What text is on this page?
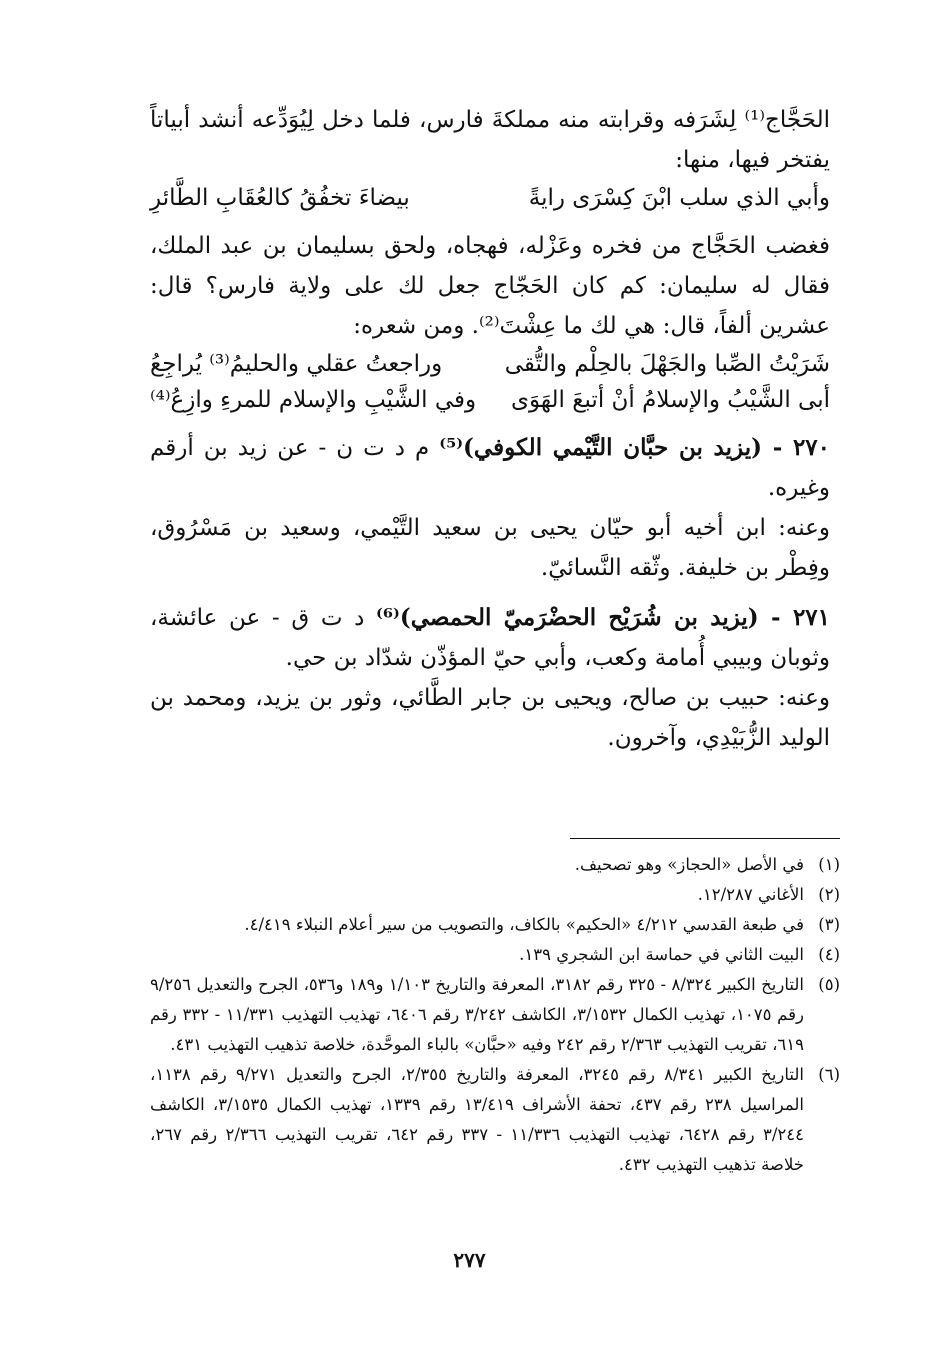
الحَجَّاج⁽¹⁾ لِشَرَفه وقرابته منه مملكةَ فارس، فلما دخل لِيُوَدِّعه أنشد أبياتاً يفتخر فيها، منها:

وأبي الذي سلب ابْنَ كِسْرَى رايةً
بيضاءَ تخفُقُ كالعُقَابِ الطَّائرِ

فغضب الحَجَّاج من فخره وعَزْله، فهجاه، ولحق بسليمان بن عبد الملك، فقال له سليمان: كم كان الحَجّاج جعل لك على ولاية فارس؟ قال: عشرين ألفاً، قال: هي لك ما عِشْتَ⁽²⁾. ومن شعره:

شَرَيْتُ الصِّبا والجَهْلَ بالحِلْم والتُّقى
وراجعتُ عقلي والحليمُ⁽³⁾ يُراجِعُ
أبى الشَّيْبُ والإسلامُ أنْ أتبعَ الهَوَى
وفي الشَّيْبِ والإسلام للمرءِ وازِعُ⁽⁴⁾

٢٧٠ - (يزيد بن حبَّان التَّيْمي الكوفي)⁽⁵⁾ م د ت ن - عن زيد بن أرقم وغيره.

وعنه: ابن أخيه أبو حيّان يحيى بن سعيد التَّيْمي، وسعيد بن مَسْرُوق، وفِطْر بن خليفة. وثّقه النَّسائيّ.

٢٧١ - (يزيد بن شُرَيْح الحضْرَميّ الحمصي)⁽⁶⁾ د ت ق - عن عائشة، وثوبان وبيبي أُمامة وكعب، وأبي حيّ المؤذّن شدّاد بن حي.

وعنه: حبيب بن صالح، ويحيى بن جابر الطَّائي، وثور بن يزيد، ومحمد بن الوليد الزُّبَيْدِي، وآخرون.

(١)
في الأصل «الحجاز» وهو تصحيف.
(٢)
الأغاني ١٢/٢٨٧.
(٣)
في طبعة القدسي ٤/٢١٢ «الحكيم» بالكاف، والتصويب من سير أعلام النبلاء ٤/٤١٩.
(٤)
البيت الثاني في حماسة ابن الشجري ١٣٩.
(٥)
التاريخ الكبير ٨/٣٢٤ - ٣٢٥ رقم ٣١٨٢، المعرفة والتاريخ ١/١٠٣ و١٨٩ و٥٣٦، الجرح والتعديل ٩/٢٥٦ رقم ١٠٧٥، تهذيب الكمال ٣/١٥٣٢، الكاشف ٣/٢٤٢ رقم ٦٤٠٦، تهذيب التهذيب ١١/٣٣١ - ٣٣٢ رقم ٦١٩، تقريب التهذيب ٢/٣٦٣ رقم ٢٤٢ وفيه «حبَّان» بالباء الموحَّدة، خلاصة تذهيب التهذيب ٤٣١.
(٦)
التاريخ الكبير ٨/٣٤١ رقم ٣٢٤٥، المعرفة والتاريخ ٢/٣٥٥، الجرح والتعديل ٩/٢٧١ رقم ١١٣٨، المراسيل ٢٣٨ رقم ٤٣٧، تحفة الأشراف ١٣/٤١٩ رقم ١٣٣٩، تهذيب الكمال ٣/١٥٣٥، الكاشف ٣/٢٤٤ رقم ٦٤٢٨، تهذيب التهذيب ١١/٣٣٦ - ٣٣٧ رقم ٦٤٢، تقريب التهذيب ٢/٣٦٦ رقم ٢٦٧، خلاصة تذهيب التهذيب ٤٣٢.
٢٧٧
